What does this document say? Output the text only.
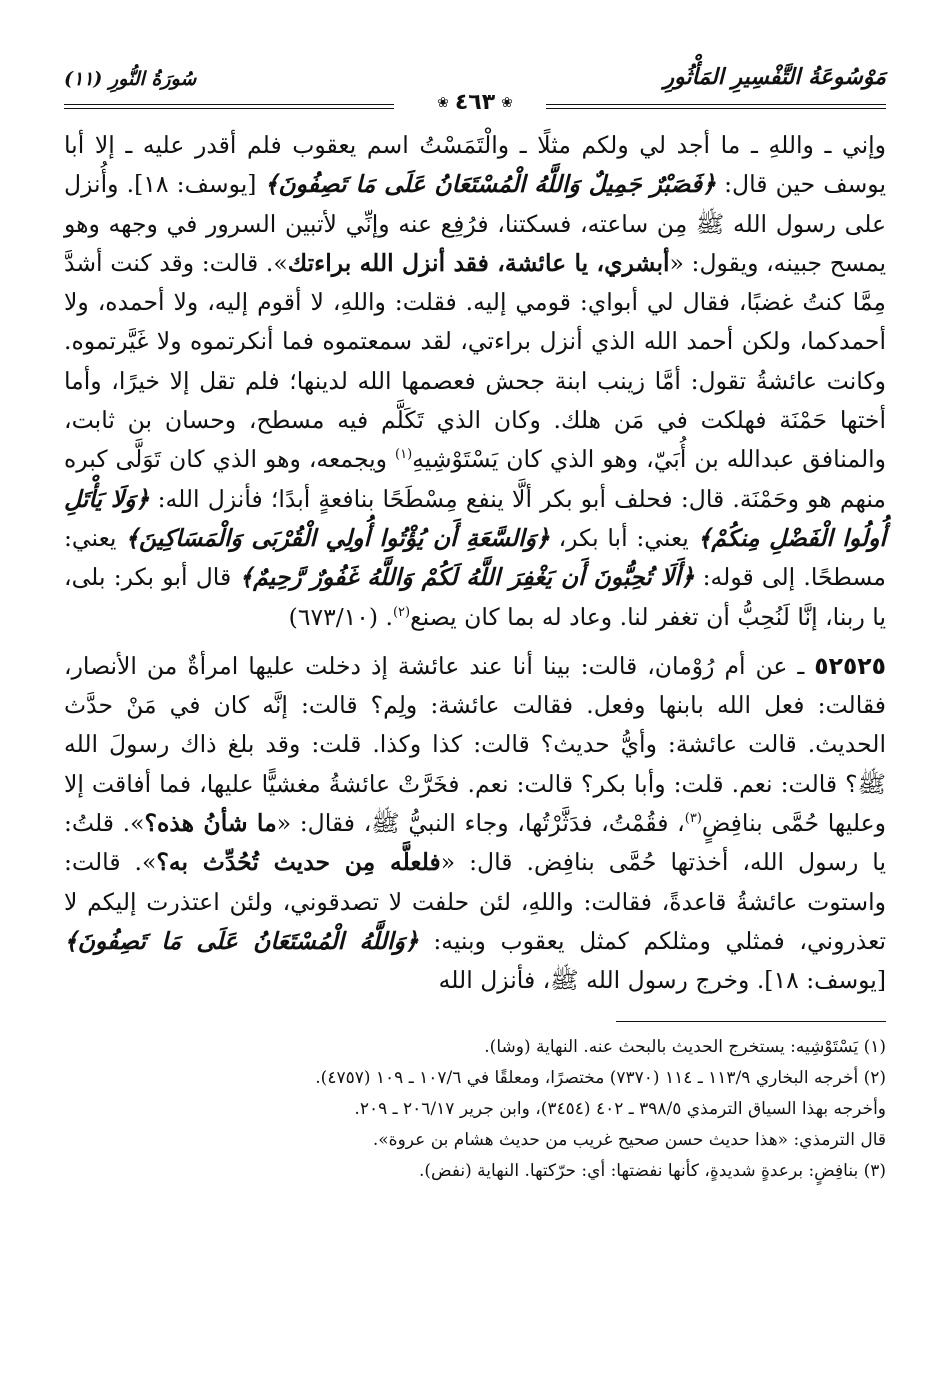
مَوْسُوعَةُ التَّفْسِيرِ المَأْثُورِ
سُورَةُ النُّورِ (١١)
❀
٤٦٣
❀

وإني ـ واللهِ ـ ما أجد لي ولكم مثلًا ـ والْتَمَسْتُ اسم يعقوب فلم أقدر عليه ـ إلا أبا يوسف حين قال: ﴿فَصَبْرٌ جَمِيلٌ وَاللَّهُ الْمُسْتَعَانُ عَلَى مَا تَصِفُونَ﴾ [يوسف: ١٨]. وأُنزل على رسول الله ﷺ مِن ساعته، فسكتنا، فرُفِع عنه وإنِّي لأتبين السرور في وجهه وهو يمسح جبينه، ويقول: «أبشري، يا عائشة، فقد أنزل الله براءتك». قالت: وقد كنت أشدَّ مِمَّا كنتُ غضبًا، فقال لي أبواي: قومي إليه. فقلت: واللهِ، لا أقوم إليه، ولا أحمده، ولا أحمدكما، ولكن أحمد الله الذي أنزل براءتي، لقد سمعتموه فما أنكرتموه ولا غَيَّرتموه. وكانت عائشةُ تقول: أمَّا زينب ابنة جحش فعصمها الله لدينها؛ فلم تقل إلا خيرًا، وأما أختها حَمْنَة فهلكت في مَن هلك. وكان الذي تَكَلَّم فيه مسطح، وحسان بن ثابت، والمنافق عبدالله بن أُبَيّ، وهو الذي كان يَسْتَوْشِيهِ$^{(١)}$ ويجمعه، وهو الذي كان تَوَلَّى كبره منهم هو وحَمْنَة. قال: فحلف أبو بكر ألَّا ينفع مِسْطَحًا بنافعةٍ أبدًا؛ فأنزل الله: ﴿وَلَا يَأْتَلِ أُولُوا الْفَضْلِ مِنكُمْ﴾ يعني: أبا بكر، ﴿وَالسَّعَةِ أَن يُؤْتُوا أُولِي الْقُرْبَى وَالْمَسَاكِينَ﴾ يعني: مسطحًا. إلى قوله: ﴿أَلَا تُحِبُّونَ أَن يَغْفِرَ اللَّهُ لَكُمْ وَاللَّهُ غَفُورٌ رَّحِيمٌ﴾ قال أبو بكر: بلى، يا ربنا، إنَّا لَنُحِبُّ أن تغفر لنا. وعاد له بما كان يصنع$^{(٢)}$. (٦٧٣/١٠)

٥٢٥٢٥ ـ عن أم رُوْمان، قالت: بينا أنا عند عائشة إذ دخلت عليها امرأةٌ من الأنصار، فقالت: فعل الله بابنها وفعل. فقالت عائشة: ولِم؟ قالت: إنَّه كان في مَنْ حدَّث الحديث. قالت عائشة: وأيُّ حديث؟ قالت: كذا وكذا. قلت: وقد بلغ ذاك رسولَ الله ﷺ؟ قالت: نعم. قلت: وأبا بكر؟ قالت: نعم. فخَرَّتْ عائشةُ مغشيًّا عليها، فما أفاقت إلا وعليها حُمَّى بنافِضٍ$^{(٣)}$، فقُمْتُ، فدَثَّرْتُها، وجاء النبيُّ ﷺ، فقال: «ما شأنُ هذه؟». قلتُ: يا رسول الله، أخذتها حُمَّى بنافِض. قال: «فلعلَّه مِن حديث تُحُدِّث به؟». قالت: واستوت عائشةُ قاعدةً، فقالت: واللهِ، لئن حلفت لا تصدقوني، ولئن اعتذرت إليكم لا تعذروني، فمثلي ومثلكم كمثل يعقوب وبنيه: ﴿وَاللَّهُ الْمُسْتَعَانُ عَلَى مَا تَصِفُونَ﴾ [يوسف: ١٨]. وخرج رسول الله ﷺ، فأنزل الله

(١) يَسْتَوْشِيه: يستخرج الحديث بالبحث عنه. النهاية (وشا).

(٢) أخرجه البخاري ١١٣/٩ ـ ١١٤ (٧٣٧٠) مختصرًا، ومعلقًا في ١٠٧/٦ ـ ١٠٩ (٤٧٥٧).

وأخرجه بهذا السياق الترمذي ٣٩٨/٥ ـ ٤٠٢ (٣٤٥٤)، وابن جرير ٢٠٦/١٧ ـ ٢٠٩.

قال الترمذي: «هذا حديث حسن صحيح غريب من حديث هشام بن عروة».

(٣) بنافِضٍ: برعدةٍ شديدةٍ، كأنها نفضتها: أي: حرّكتها. النهاية (نفض).
